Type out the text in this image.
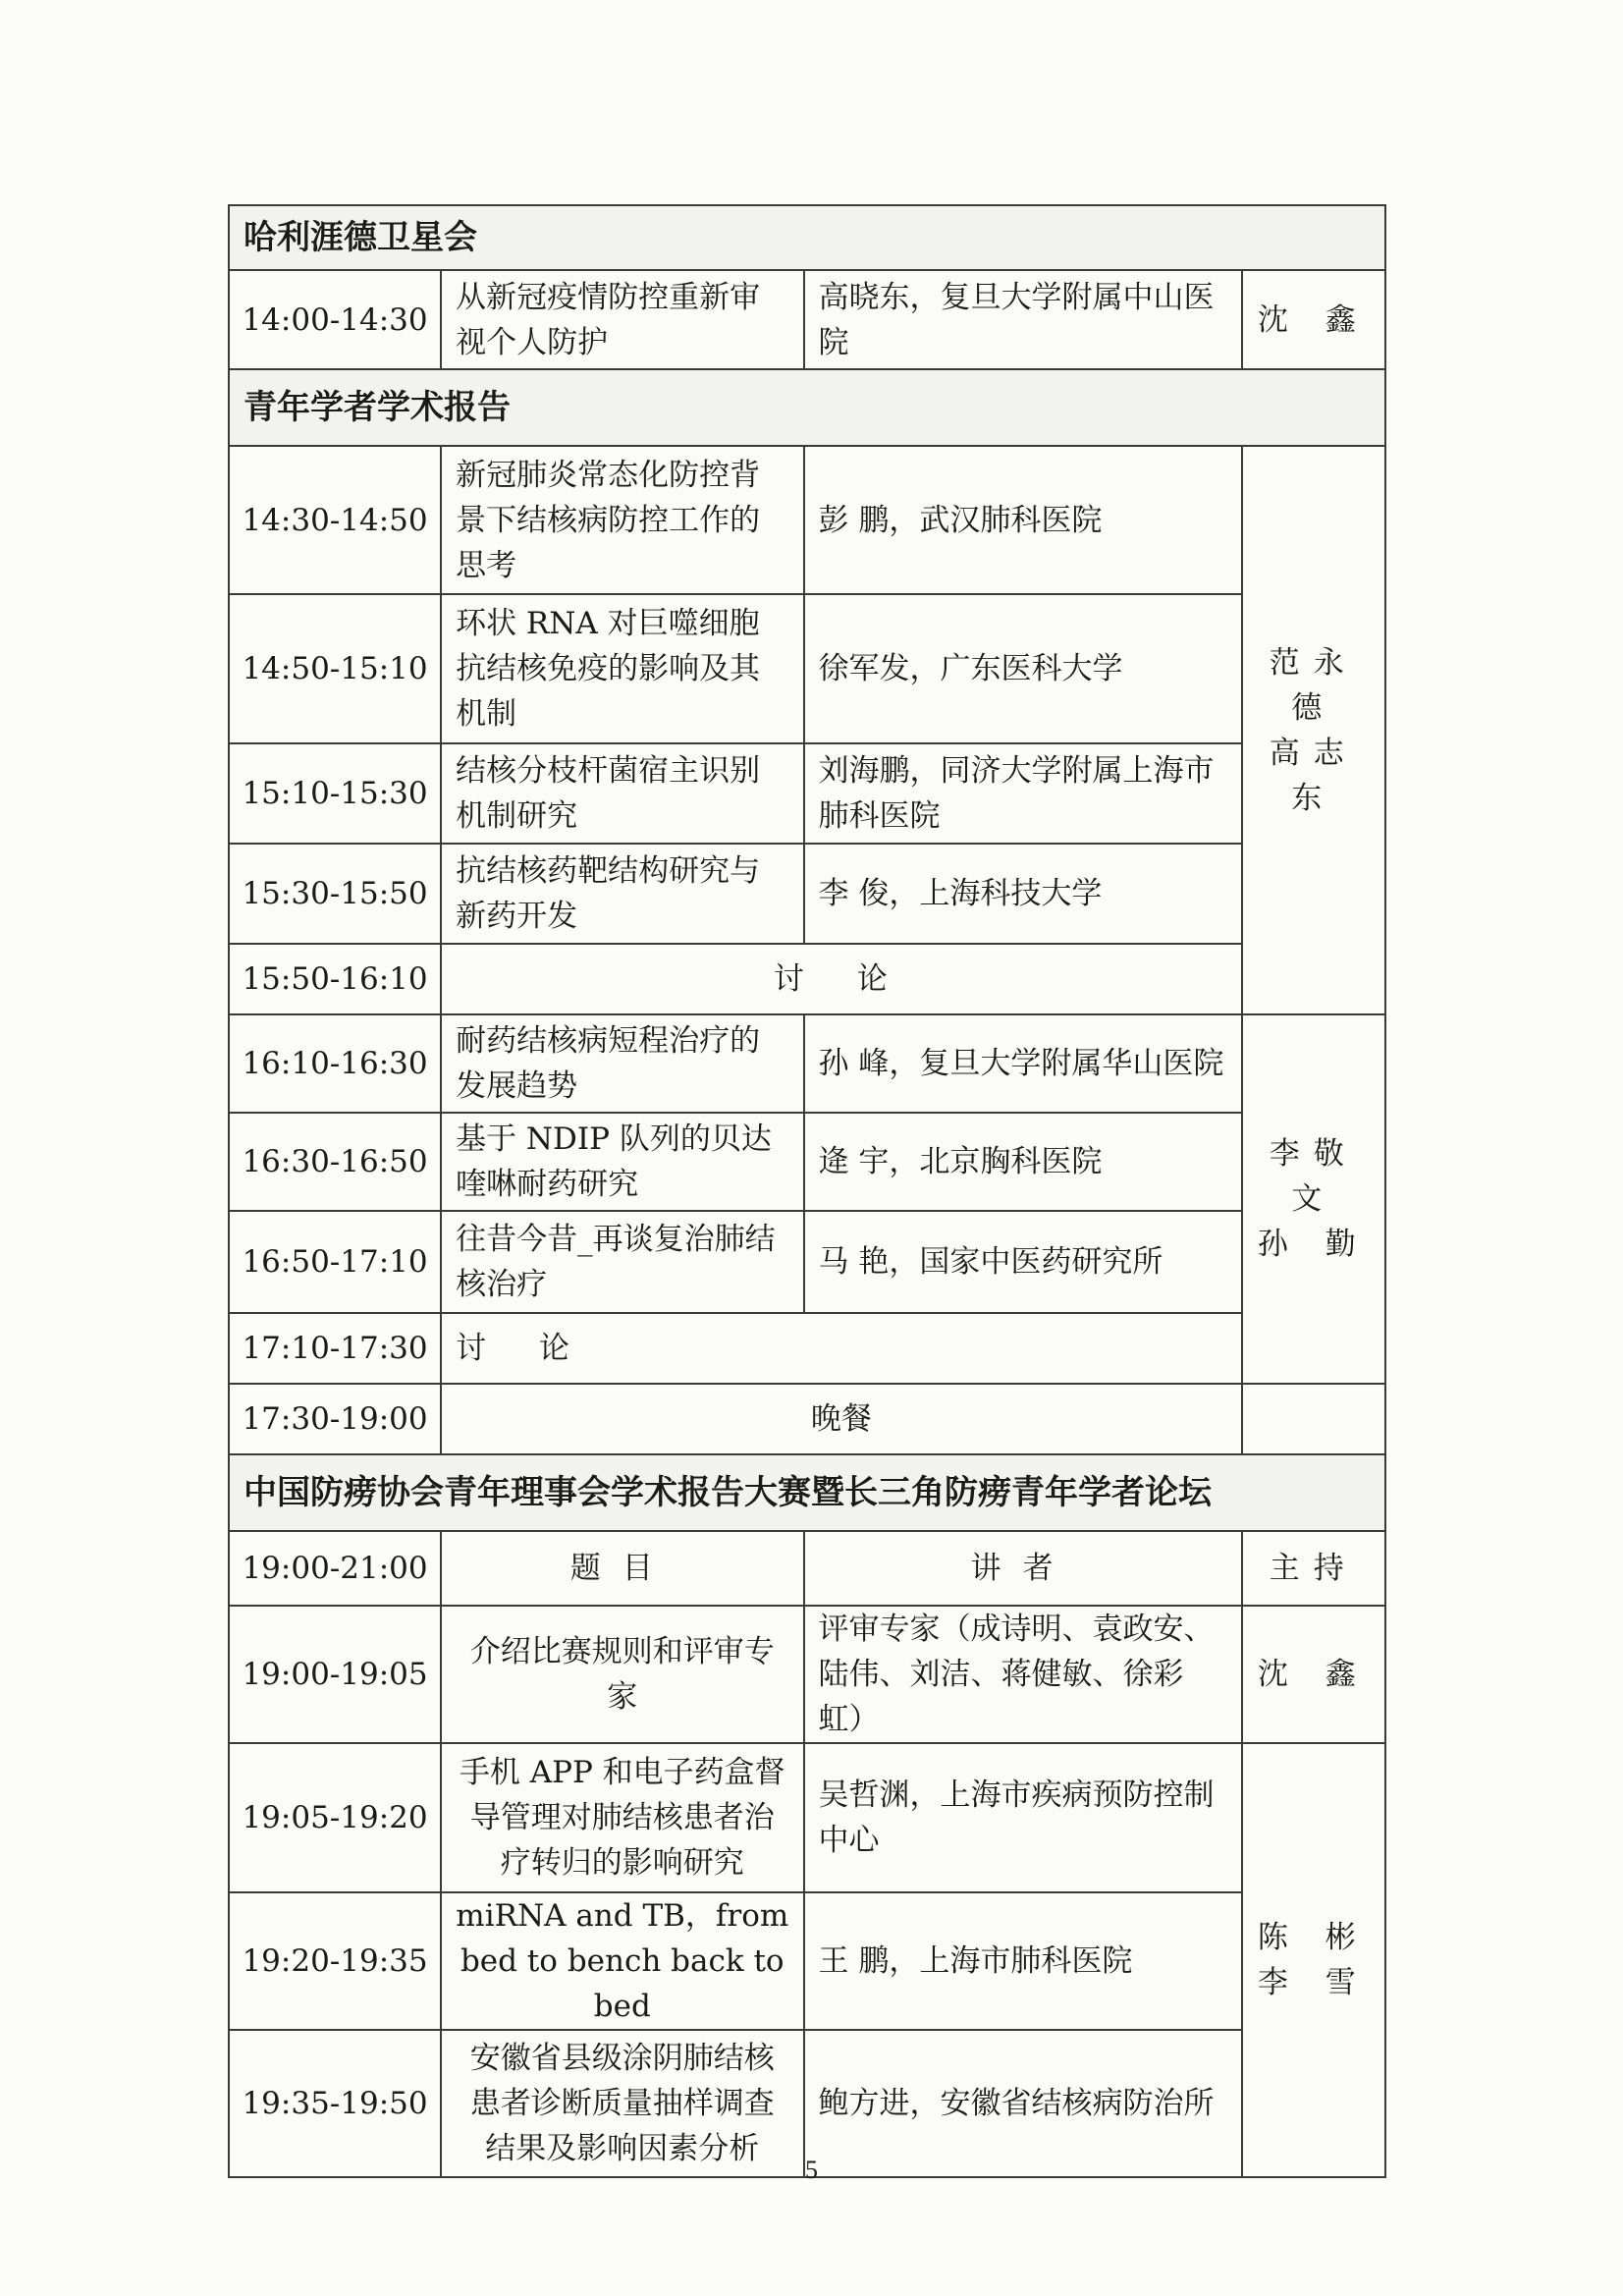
哈利涯德卫星会			
14:00-14:30	从新冠疫情防控重新审视个人防护	高晓东，复旦大学附属中山医院	沈 鑫
青年学者学术报告			
14:30-14:50	新冠肺炎常态化防控背景下结核病防控工作的思考	彭 鹏，武汉肺科医院	范永德
高志东

14:50-15:10	环状 RNA 对巨噬细胞抗结核免疫的影响及其机制	徐军发，广东医科大学	
15:10-15:30	结核分枝杆菌宿主识别机制研究	刘海鹏，同济大学附属上海市肺科医院	
15:30-15:50	抗结核药靶结构研究与新药开发	李 俊，上海科技大学	
15:50-16:10	讨 论		
16:10-16:30	耐药结核病短程治疗的发展趋势	孙 峰，复旦大学附属华山医院	李敬文
孙 勤

16:30-16:50	基于 NDIP 队列的贝达喹啉耐药研究	逄 宇，北京胸科医院	
16:50-17:10	往昔今昔_再谈复治肺结核治疗	马 艳，国家中医药研究所	
17:10-17:30	讨 论		
17:30-19:00	晚餐		
中国防痨协会青年理事会学术报告大赛暨长三角防痨青年学者论坛			
19:00-21:00	题目	讲者	主持
19:00-19:05	介绍比赛规则和评审专家	评审专家（成诗明、袁政安、陆伟、刘洁、蒋健敏、徐彩虹）	沈 鑫
19:05-19:20	手机 APP 和电子药盒督导管理对肺结核患者治疗转归的影响研究	吴哲渊，上海市疾病预防控制中心	陈 彬
李 雪

19:20-19:35	miRNA and TB，from bed to bench back to bed	王 鹏，上海市肺科医院	
19:35-19:50	安徽省县级涂阴肺结核患者诊断质量抽样调查结果及影响因素分析	鲍方进，安徽省结核病防治所	
5
